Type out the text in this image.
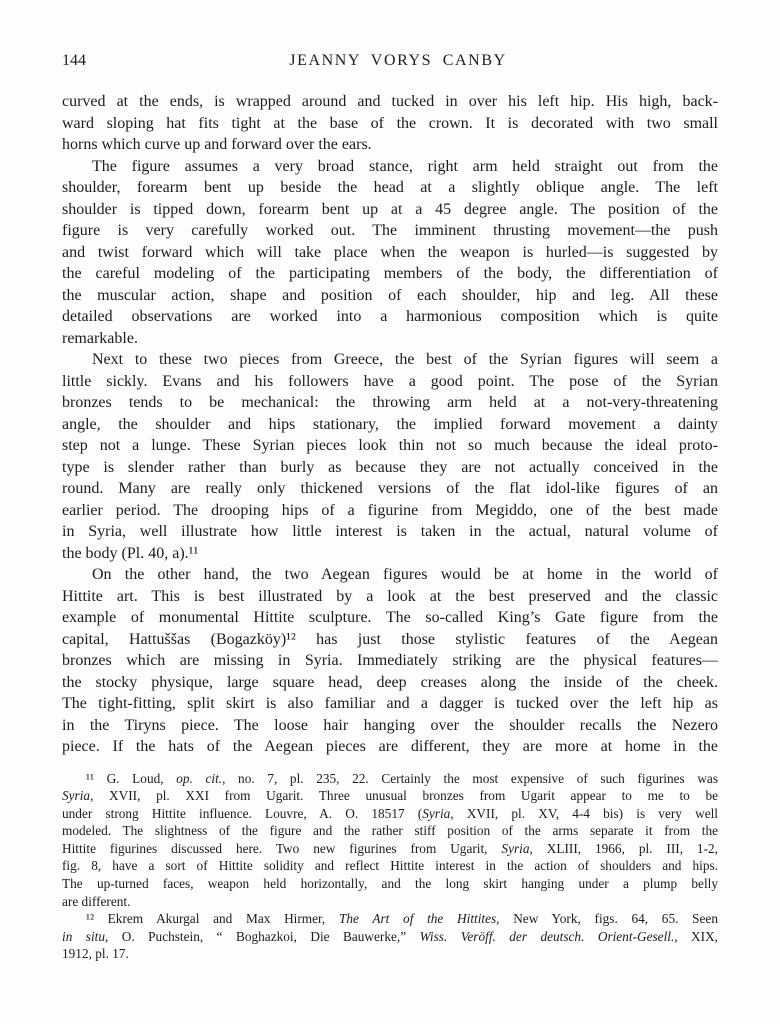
144	JEANNY VORYS CANBY
curved at the ends, is wrapped around and tucked in over his left hip. His high, back-
ward sloping hat fits tight at the base of the crown. It is decorated with two small
horns which curve up and forward over the ears.
The figure assumes a very broad stance, right arm held straight out from the
shoulder, forearm bent up beside the head at a slightly oblique angle. The left
shoulder is tipped down, forearm bent up at a 45 degree angle. The position of the
figure is very carefully worked out. The imminent thrusting movement—the push
and twist forward which will take place when the weapon is hurled—is suggested by
the careful modeling of the participating members of the body, the differentiation of
the muscular action, shape and position of each shoulder, hip and leg. All these
detailed observations are worked into a harmonious composition which is quite
remarkable.
Next to these two pieces from Greece, the best of the Syrian figures will seem a
little sickly. Evans and his followers have a good point. The pose of the Syrian
bronzes tends to be mechanical: the throwing arm held at a not-very-threatening
angle, the shoulder and hips stationary, the implied forward movement a dainty
step not a lunge. These Syrian pieces look thin not so much because the ideal proto-
type is slender rather than burly as because they are not actually conceived in the
round. Many are really only thickened versions of the flat idol-like figures of an
earlier period. The drooping hips of a figurine from Megiddo, one of the best made
in Syria, well illustrate how little interest is taken in the actual, natural volume of
the body (Pl. 40, a).¹¹
On the other hand, the two Aegean figures would be at home in the world of
Hittite art. This is best illustrated by a look at the best preserved and the classic
example of monumental Hittite sculpture. The so-called King’s Gate figure from the
capital, Hattuššas (Bogazköy)¹² has just those stylistic features of the Aegean
bronzes which are missing in Syria. Immediately striking are the physical features—
the stocky physique, large square head, deep creases along the inside of the cheek.
The tight-fitting, split skirt is also familiar and a dagger is tucked over the left hip as
in the Tiryns piece. The loose hair hanging over the shoulder recalls the Nezero
piece. If the hats of the Aegean pieces are different, they are more at home in the
¹¹ G. Loud, op. cit., no. 7, pl. 235, 22. Certainly the most expensive of such figurines was
Syria, XVII, pl. XXI from Ugarit. Three unusual bronzes from Ugarit appear to me to be
under strong Hittite influence. Louvre, A. O. 18517 (Syria, XVII, pl. XV, 4-4 bis) is very well
modeled. The slightness of the figure and the rather stiff position of the arms separate it from the
Hittite figurines discussed here. Two new figurines from Ugarit, Syria, XLIII, 1966, pl. III, 1-2,
fig. 8, have a sort of Hittite solidity and reflect Hittite interest in the action of shoulders and hips.
The up-turned faces, weapon held horizontally, and the long skirt hanging under a plump belly
are different.
¹² Ekrem Akurgal and Max Hirmer, The Art of the Hittites, New York, figs. 64, 65. Seen
in situ, O. Puchstein, “ Boghazkoi, Die Bauwerke,” Wiss. Veröff. der deutsch. Orient-Gesell., XIX,
1912, pl. 17.
